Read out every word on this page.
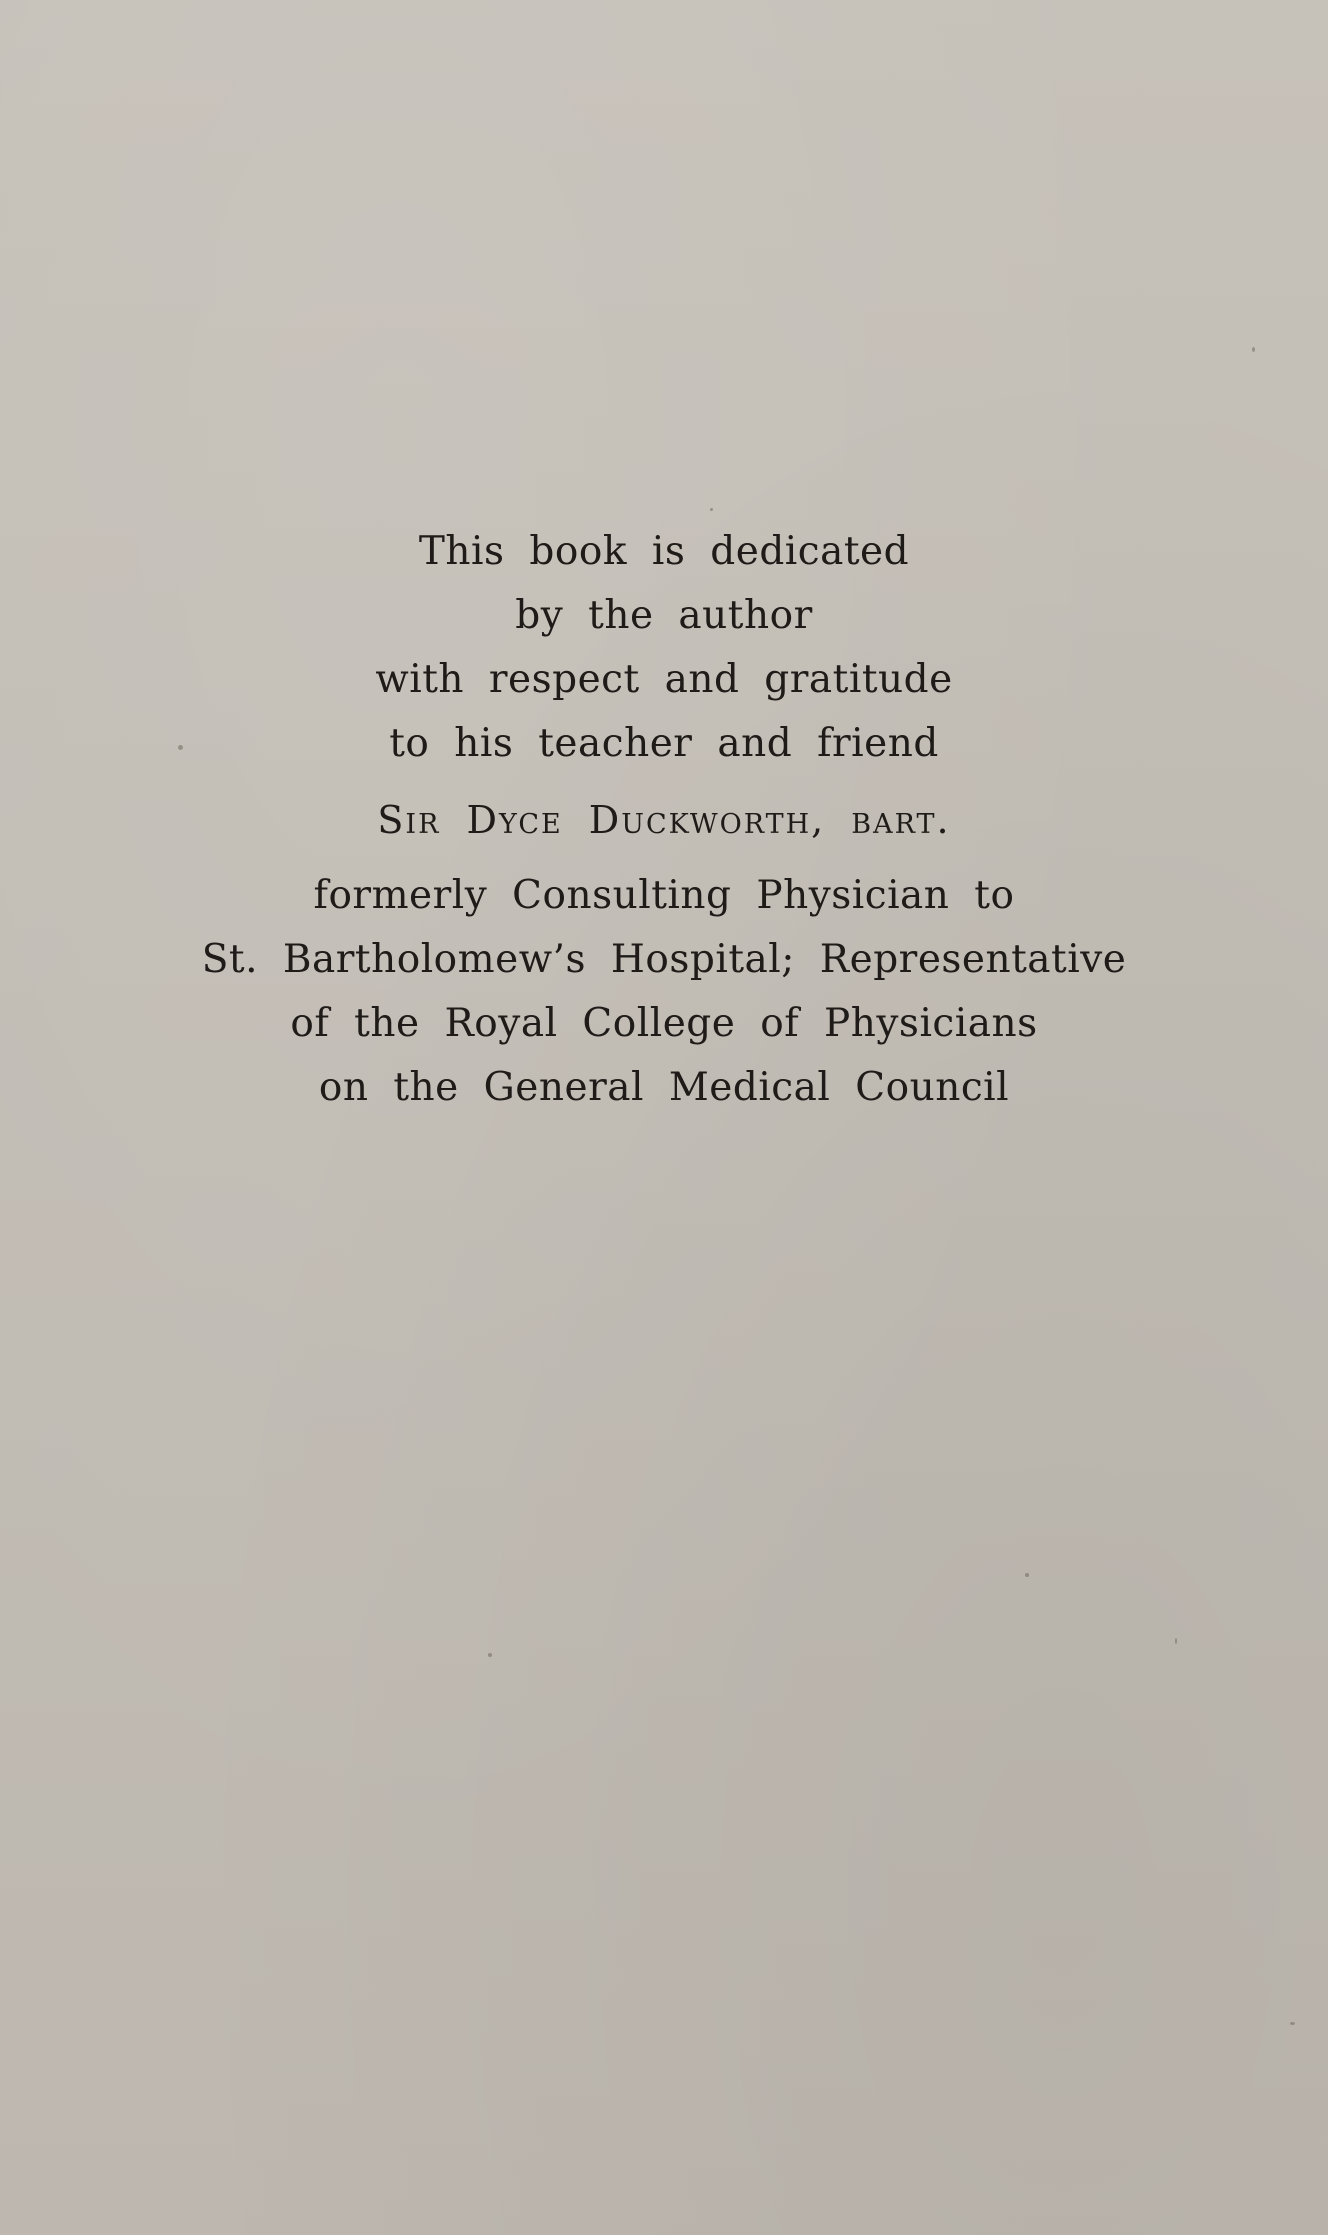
This book is dedicated
by the author
with respect and gratitude
to his teacher and friend
Sir Dyce Duckworth, bart.
formerly Consulting Physician to
St. Bartholomew’s Hospital; Representative
of the Royal College of Physicians
on the General Medical Council
